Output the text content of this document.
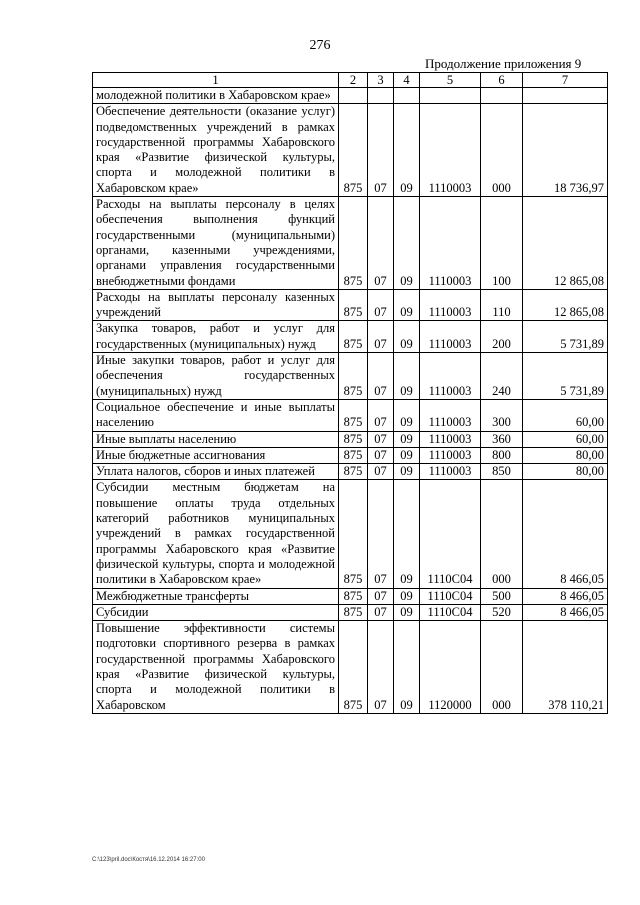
276
Продолжение приложения 9
1	2	3	4	5	6	7
молодежной политики в Хабаровском крае»						
Обеспечение деятельности (оказание услуг) подведомственных учреждений в рамках государственной программы Хабаровского края «Развитие физической культуры, спорта и молодежной политики в Хабаровском крае»	875	07	09	1110003	000	18 736,97
Расходы на выплаты персоналу в целях обеспечения выполнения функций государственными (муниципальными) органами, казенными учреждениями, органами управления государственными внебюджетными фондами	875	07	09	1110003	100	12 865,08
Расходы на выплаты персоналу казенных учреждений	875	07	09	1110003	110	12 865,08
Закупка товаров, работ и услуг для государственных (муниципальных) нужд	875	07	09	1110003	200	5 731,89
Иные закупки товаров, работ и услуг для обеспечения государственных (муниципальных) нужд	875	07	09	1110003	240	5 731,89
Социальное обеспечение и иные выплаты населению	875	07	09	1110003	300	60,00
Иные выплаты населению	875	07	09	1110003	360	60,00
Иные бюджетные ассигнования	875	07	09	1110003	800	80,00
Уплата налогов, сборов и иных платежей	875	07	09	1110003	850	80,00
Субсидии местным бюджетам на повышение оплаты труда отдельных категорий работников муниципальных учреждений в рамках государственной программы Хабаровского края «Развитие физической культуры, спорта и молодежной политики в Хабаровском крае»	875	07	09	1110С04	000	8 466,05
Межбюджетные трансферты	875	07	09	1110С04	500	8 466,05
Субсидии	875	07	09	1110С04	520	8 466,05
Повышение эффективности системы подготовки спортивного резерва в рамках государственной программы Хабаровского края «Развитие физической культуры, спорта и молодежной политики в Хабаровском	875	07	09	1120000	000	378 110,21
C:\123\pril.doc\Костя\16.12.2014 16:27:00
